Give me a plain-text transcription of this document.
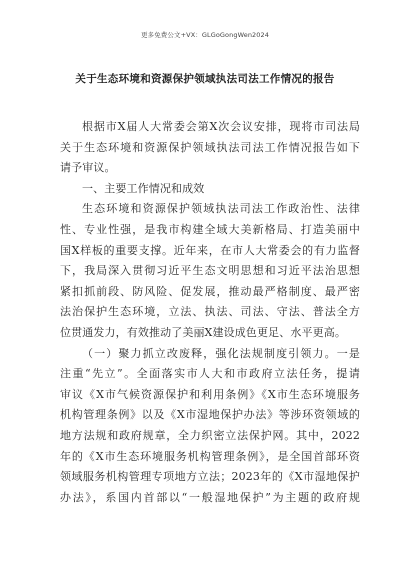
更多免费公文+VX：GLGoGongWen2024
关于生态环境和资源保护领域执法司法工作情况的报告
根据市X届人大常委会第X次会议安排，现将市司法局
关于生态环境和资源保护领域执法司法工作情况报告如下
请予审议。
一、主要工作情况和成效
生态环境和资源保护领域执法司法工作政治性、法律
性、专业性强，是我市构建全域大美新格局、打造美丽中
国X样板的重要支撑。近年来，在市人大常委会的有力监督
下，我局深入贯彻习近平生态文明思想和习近平法治思想
紧扣抓前段、防风险、促发展，推动最严格制度、最严密
法治保护生态环境，立法、执法、司法、守法、普法全方
位贯通发力，有效推动了美丽X建设成色更足、水平更高。
（一）聚力抓立改废释，强化法规制度引领力。一是
注重“先立”。全面落实市人大和市政府立法任务，提请
审议《X市气候资源保护和利用条例》《X市生态环境服务
机构管理条例》以及《X市湿地保护办法》等涉环资领域的
地方法规和政府规章，全力织密立法保护网。其中，2022
年的《X市生态环境服务机构管理条例》，是全国首部环资
领域服务机构管理专项地方立法；2023年的《X市湿地保护
办法》，系国内首部以“一般湿地保护”为主题的政府规
